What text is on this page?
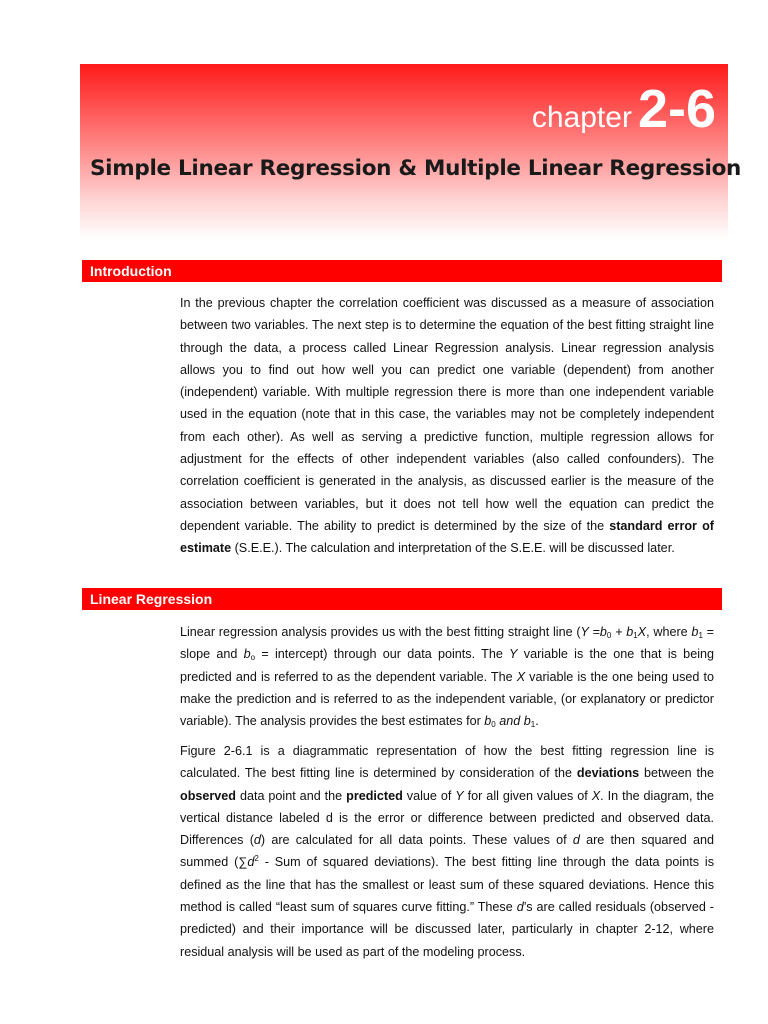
chapter 2-6
Simple Linear Regression & Multiple Linear Regression
Introduction

In the previous chapter the correlation coefficient was discussed as a measure of association between two variables. The next step is to determine the equation of the best fitting straight line through the data, a process called Linear Regression analysis. Linear regression analysis allows you to find out how well you can predict one variable (dependent) from another (independent) variable. With multiple regression there is more than one independent variable used in the equation (note that in this case, the variables may not be completely independent from each other). As well as serving a predictive function, multiple regression allows for adjustment for the effects of other independent variables (also called confounders). The correlation coefficient is generated in the analysis, as discussed earlier is the measure of the association between variables, but it does not tell how well the equation can predict the dependent variable. The ability to predict is determined by the size of the standard error of estimate (S.E.E.). The calculation and interpretation of the S.E.E. will be discussed later.

Linear Regression

Linear regression analysis provides us with the best fitting straight line ($Y =b_0 + b_1X$, where $b_1$ = slope and $b_o$ = intercept) through our data points. The Y variable is the one that is being predicted and is referred to as the dependent variable. The X variable is the one being used to make the prediction and is referred to as the independent variable, (or explanatory or predictor variable). The analysis provides the best estimates for $b_0$ and $b_1$.

Figure 2-6.1 is a diagrammatic representation of how the best fitting regression line is calculated. The best fitting line is determined by consideration of the deviations between the observed data point and the predicted value of Y for all given values of X. In the diagram, the vertical distance labeled d is the error or difference between predicted and observed data. Differences (d) are calculated for all data points. These values of d are then squared and summed ($\sum d^2$ - Sum of squared deviations). The best fitting line through the data points is defined as the line that has the smallest or least sum of these squared deviations. Hence this method is called “least sum of squares curve fitting.” These d’s are called residuals (observed - predicted) and their importance will be discussed later, particularly in chapter 2-12, where residual analysis will be used as part of the modeling process.
